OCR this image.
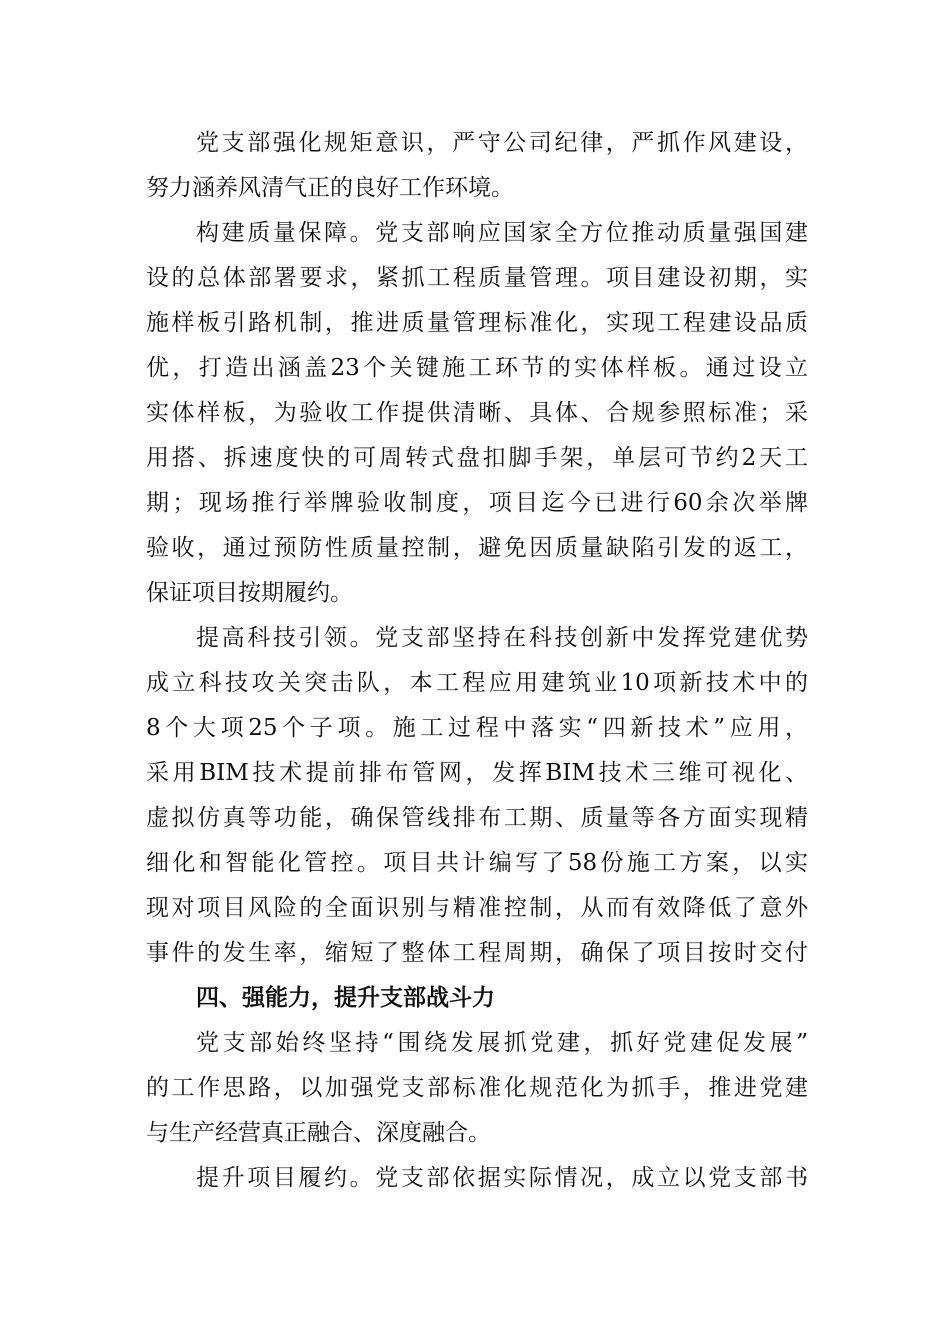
党支部强化规矩意识，严守公司纪律，严抓作风建设，
努力涵养风清气正的良好工作环境。
构建质量保障。党支部响应国家全方位推动质量强国建
设的总体部署要求，紧抓工程质量管理。项目建设初期，实
施样板引路机制，推进质量管理标准化，实现工程建设品质
优，打造出涵盖23个关键施工环节的实体样板。通过设立
实体样板，为验收工作提供清晰、具体、合规参照标准；采
用搭、拆速度快的可周转式盘扣脚手架，单层可节约2天工
期；现场推行举牌验收制度，项目迄今已进行60余次举牌
验收，通过预防性质量控制，避免因质量缺陷引发的返工，
保证项目按期履约。
提高科技引领。党支部坚持在科技创新中发挥党建优势
成立科技攻关突击队，本工程应用建筑业10项新技术中的
8个大项25个子项。施工过程中落实“四新技术”应用，
采用BIM技术提前排布管网，发挥BIM技术三维可视化、
虚拟仿真等功能，确保管线排布工期、质量等各方面实现精
细化和智能化管控。项目共计编写了58份施工方案，以实
现对项目风险的全面识别与精准控制，从而有效降低了意外
事件的发生率，缩短了整体工程周期，确保了项目按时交付
四、强能力，提升支部战斗力
党支部始终坚持“围绕发展抓党建，抓好党建促发展”
的工作思路，以加强党支部标准化规范化为抓手，推进党建
与生产经营真正融合、深度融合。
提升项目履约。党支部依据实际情况，成立以党支部书
